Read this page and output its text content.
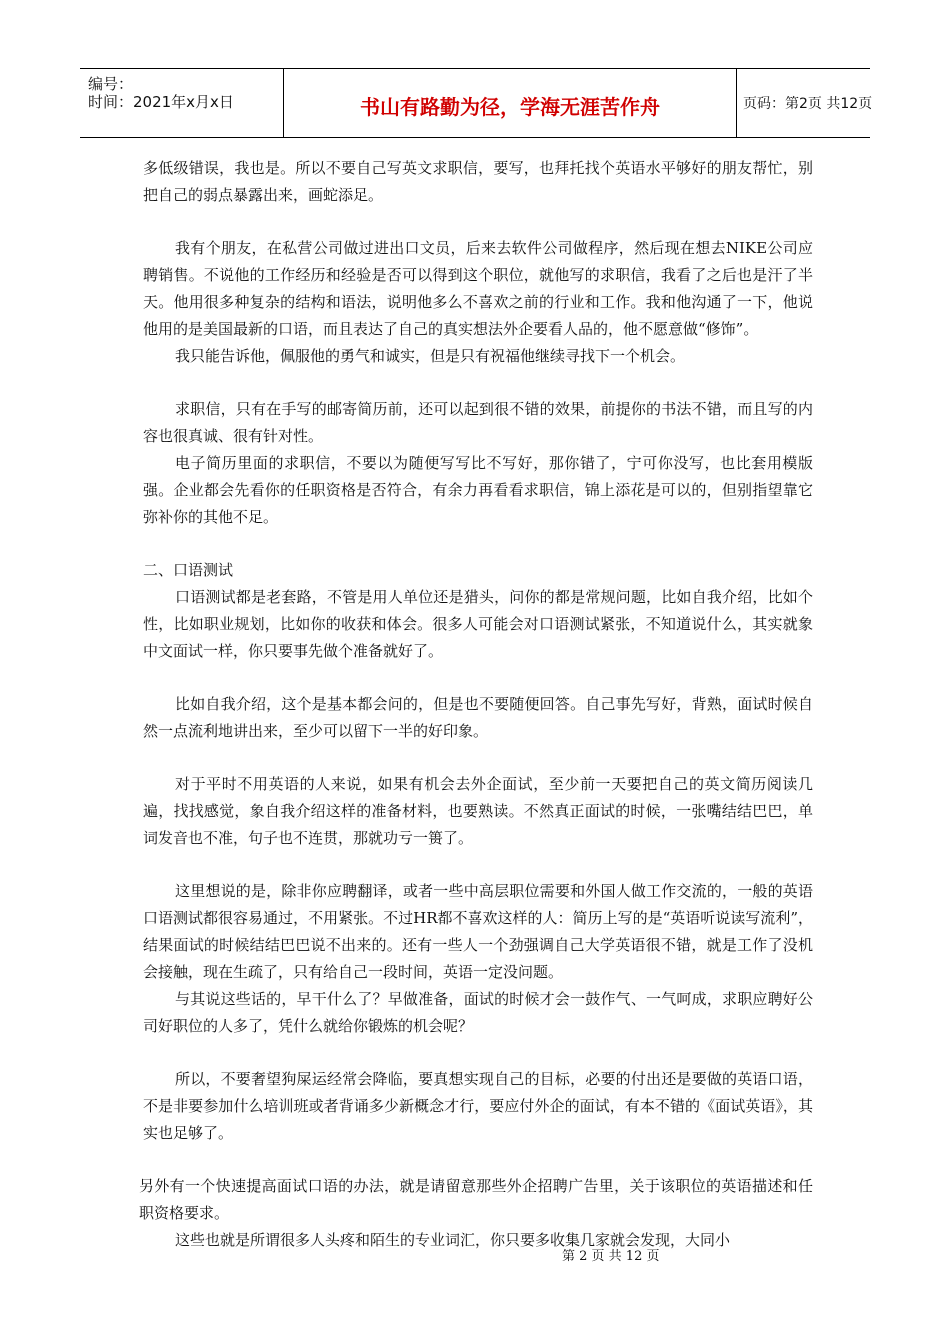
编号：
时间：2021年x月x日	书山有路勤为径，学海无涯苦作舟	页码：第2页 共12页

多低级错误，我也是。所以不要自己写英文求职信，要写，也拜托找个英语水平够好的朋友帮忙，别把自己的弱点暴露出来，画蛇添足。

我有个朋友，在私营公司做过进出口文员，后来去软件公司做程序，然后现在想去NIKE公司应聘销售。不说他的工作经历和经验是否可以得到这个职位，就他写的求职信，我看了之后也是汗了半天。他用很多种复杂的结构和语法，说明他多么不喜欢之前的行业和工作。我和他沟通了一下，他说他用的是美国最新的口语，而且表达了自己的真实想法外企要看人品的，他不愿意做“修饰”。

我只能告诉他，佩服他的勇气和诚实，但是只有祝福他继续寻找下一个机会。

求职信，只有在手写的邮寄简历前，还可以起到很不错的效果，前提你的书法不错，而且写的内容也很真诚、很有针对性。

电子简历里面的求职信，不要以为随便写写比不写好，那你错了，宁可你没写，也比套用模版强。企业都会先看你的任职资格是否符合，有余力再看看求职信，锦上添花是可以的，但别指望靠它弥补你的其他不足。

二、口语测试

口语测试都是老套路，不管是用人单位还是猎头，问你的都是常规问题，比如自我介绍，比如个性，比如职业规划，比如你的收获和体会。很多人可能会对口语测试紧张，不知道说什么，其实就象中文面试一样，你只要事先做个准备就好了。

比如自我介绍，这个是基本都会问的，但是也不要随便回答。自己事先写好，背熟，面试时候自然一点流利地讲出来，至少可以留下一半的好印象。

对于平时不用英语的人来说，如果有机会去外企面试，至少前一天要把自己的英文简历阅读几遍，找找感觉，象自我介绍这样的准备材料，也要熟读。不然真正面试的时候，一张嘴结结巴巴，单词发音也不准，句子也不连贯，那就功亏一篑了。

这里想说的是，除非你应聘翻译，或者一些中高层职位需要和外国人做工作交流的，一般的英语口语测试都很容易通过，不用紧张。不过HR都不喜欢这样的人：简历上写的是“英语听说读写流利”，结果面试的时候结结巴巴说不出来的。还有一些人一个劲强调自己大学英语很不错，就是工作了没机会接触，现在生疏了，只有给自己一段时间，英语一定没问题。

与其说这些话的，早干什么了？早做准备，面试的时候才会一鼓作气、一气呵成，求职应聘好公司好职位的人多了，凭什么就给你锻炼的机会呢？

所以，不要奢望狗屎运经常会降临，要真想实现自己的目标，必要的付出还是要做的英语口语，不是非要参加什么培训班或者背诵多少新概念才行，要应付外企的面试，有本不错的《面试英语》，其实也足够了。

另外有一个快速提高面试口语的办法，就是请留意那些外企招聘广告里，关于该职位的英语描述和任职资格要求。

这些也就是所谓很多人头疼和陌生的专业词汇，你只要多收集几家就会发现，大同小

第 2 页 共 12 页
